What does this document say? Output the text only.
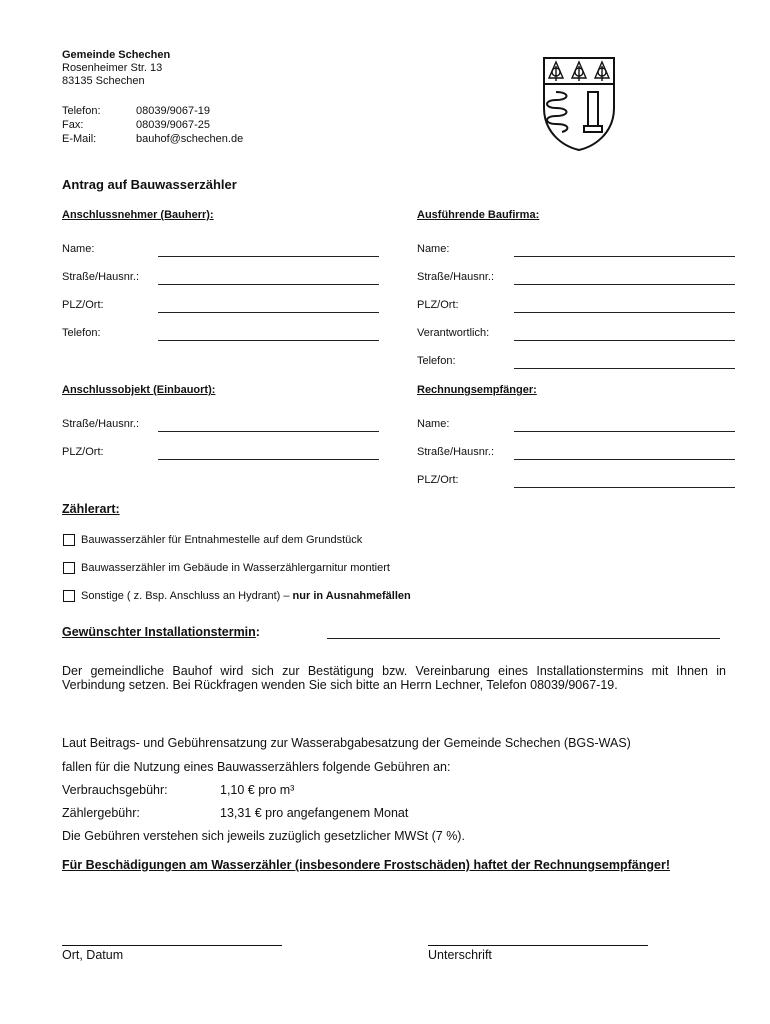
Gemeinde Schechen
Rosenheimer Str. 13
83135 Schechen
Telefon:	08039/9067-19
Fax:	08039/9067-25
E-Mail:	bauhof@schechen.de
Antrag auf Bauwasserzähler
Anschlussnehmer (Bauherr):
Name:
Straße/Hausnr.:
PLZ/Ort:
Telefon:
Ausführende Baufirma:
Name:
Straße/Hausnr.:
PLZ/Ort:
Verantwortlich:
Telefon:
Anschlussobjekt (Einbauort):
Straße/Hausnr.:
PLZ/Ort:
Rechnungsempfänger:
Name:
Straße/Hausnr.:
PLZ/Ort:
Zählerart:
Bauwasserzähler für Entnahmestelle auf dem Grundstück
Bauwasserzähler im Gebäude in Wasserzählergarnitur montiert
Sonstige ( z. Bsp. Anschluss an Hydrant) – nur in Ausnahmefällen
Gewünschter Installationstermin:
Der gemeindliche Bauhof wird sich zur Bestätigung bzw. Vereinbarung eines Installationstermins mit Ihnen in Verbindung setzen. Bei Rückfragen wenden Sie sich bitte an Herrn Lechner, Telefon 08039/9067-19.
Laut Beitrags- und Gebührensatzung zur Wasserabgabesatzung der Gemeinde Schechen (BGS-WAS)
fallen für die Nutzung eines Bauwasserzählers folgende Gebühren an:
Verbrauchsgebühr:	1,10 € pro m³
Zählergebühr:	13,31 € pro angefangenem Monat
Die Gebühren verstehen sich jeweils zuzüglich gesetzlicher MWSt (7 %).
Für Beschädigungen am Wasserzähler (insbesondere Frostschäden) haftet der Rechnungsempfänger!
Ort, Datum	Unterschrift
